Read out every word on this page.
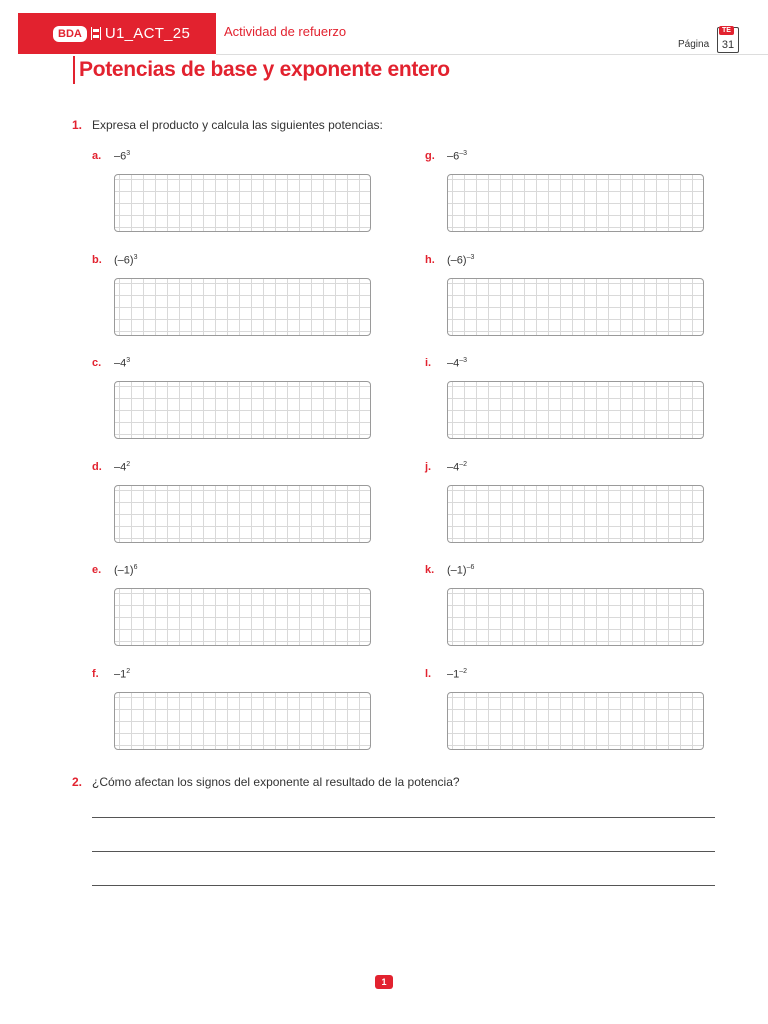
BDA	U1_ACT_25	Actividad de refuerzo
Página
TE
31
Potencias de base y exponente entero
1. Expresa el producto y calcula las siguientes potencias:
a. $-6^3$
b. $(-6)^3$
c. $-4^3$
d. $-4^2$
e. $(-1)^6$
f. $-1^2$
g. $-6^{-3}$
h. $(-6)^{-3}$
i. $-4^{-3}$
j. $-4^{-2}$
k. $(-1)^{-6}$
l. $-1^{-2}$
2. ¿Cómo afectan los signos del exponente al resultado de la potencia?
1
